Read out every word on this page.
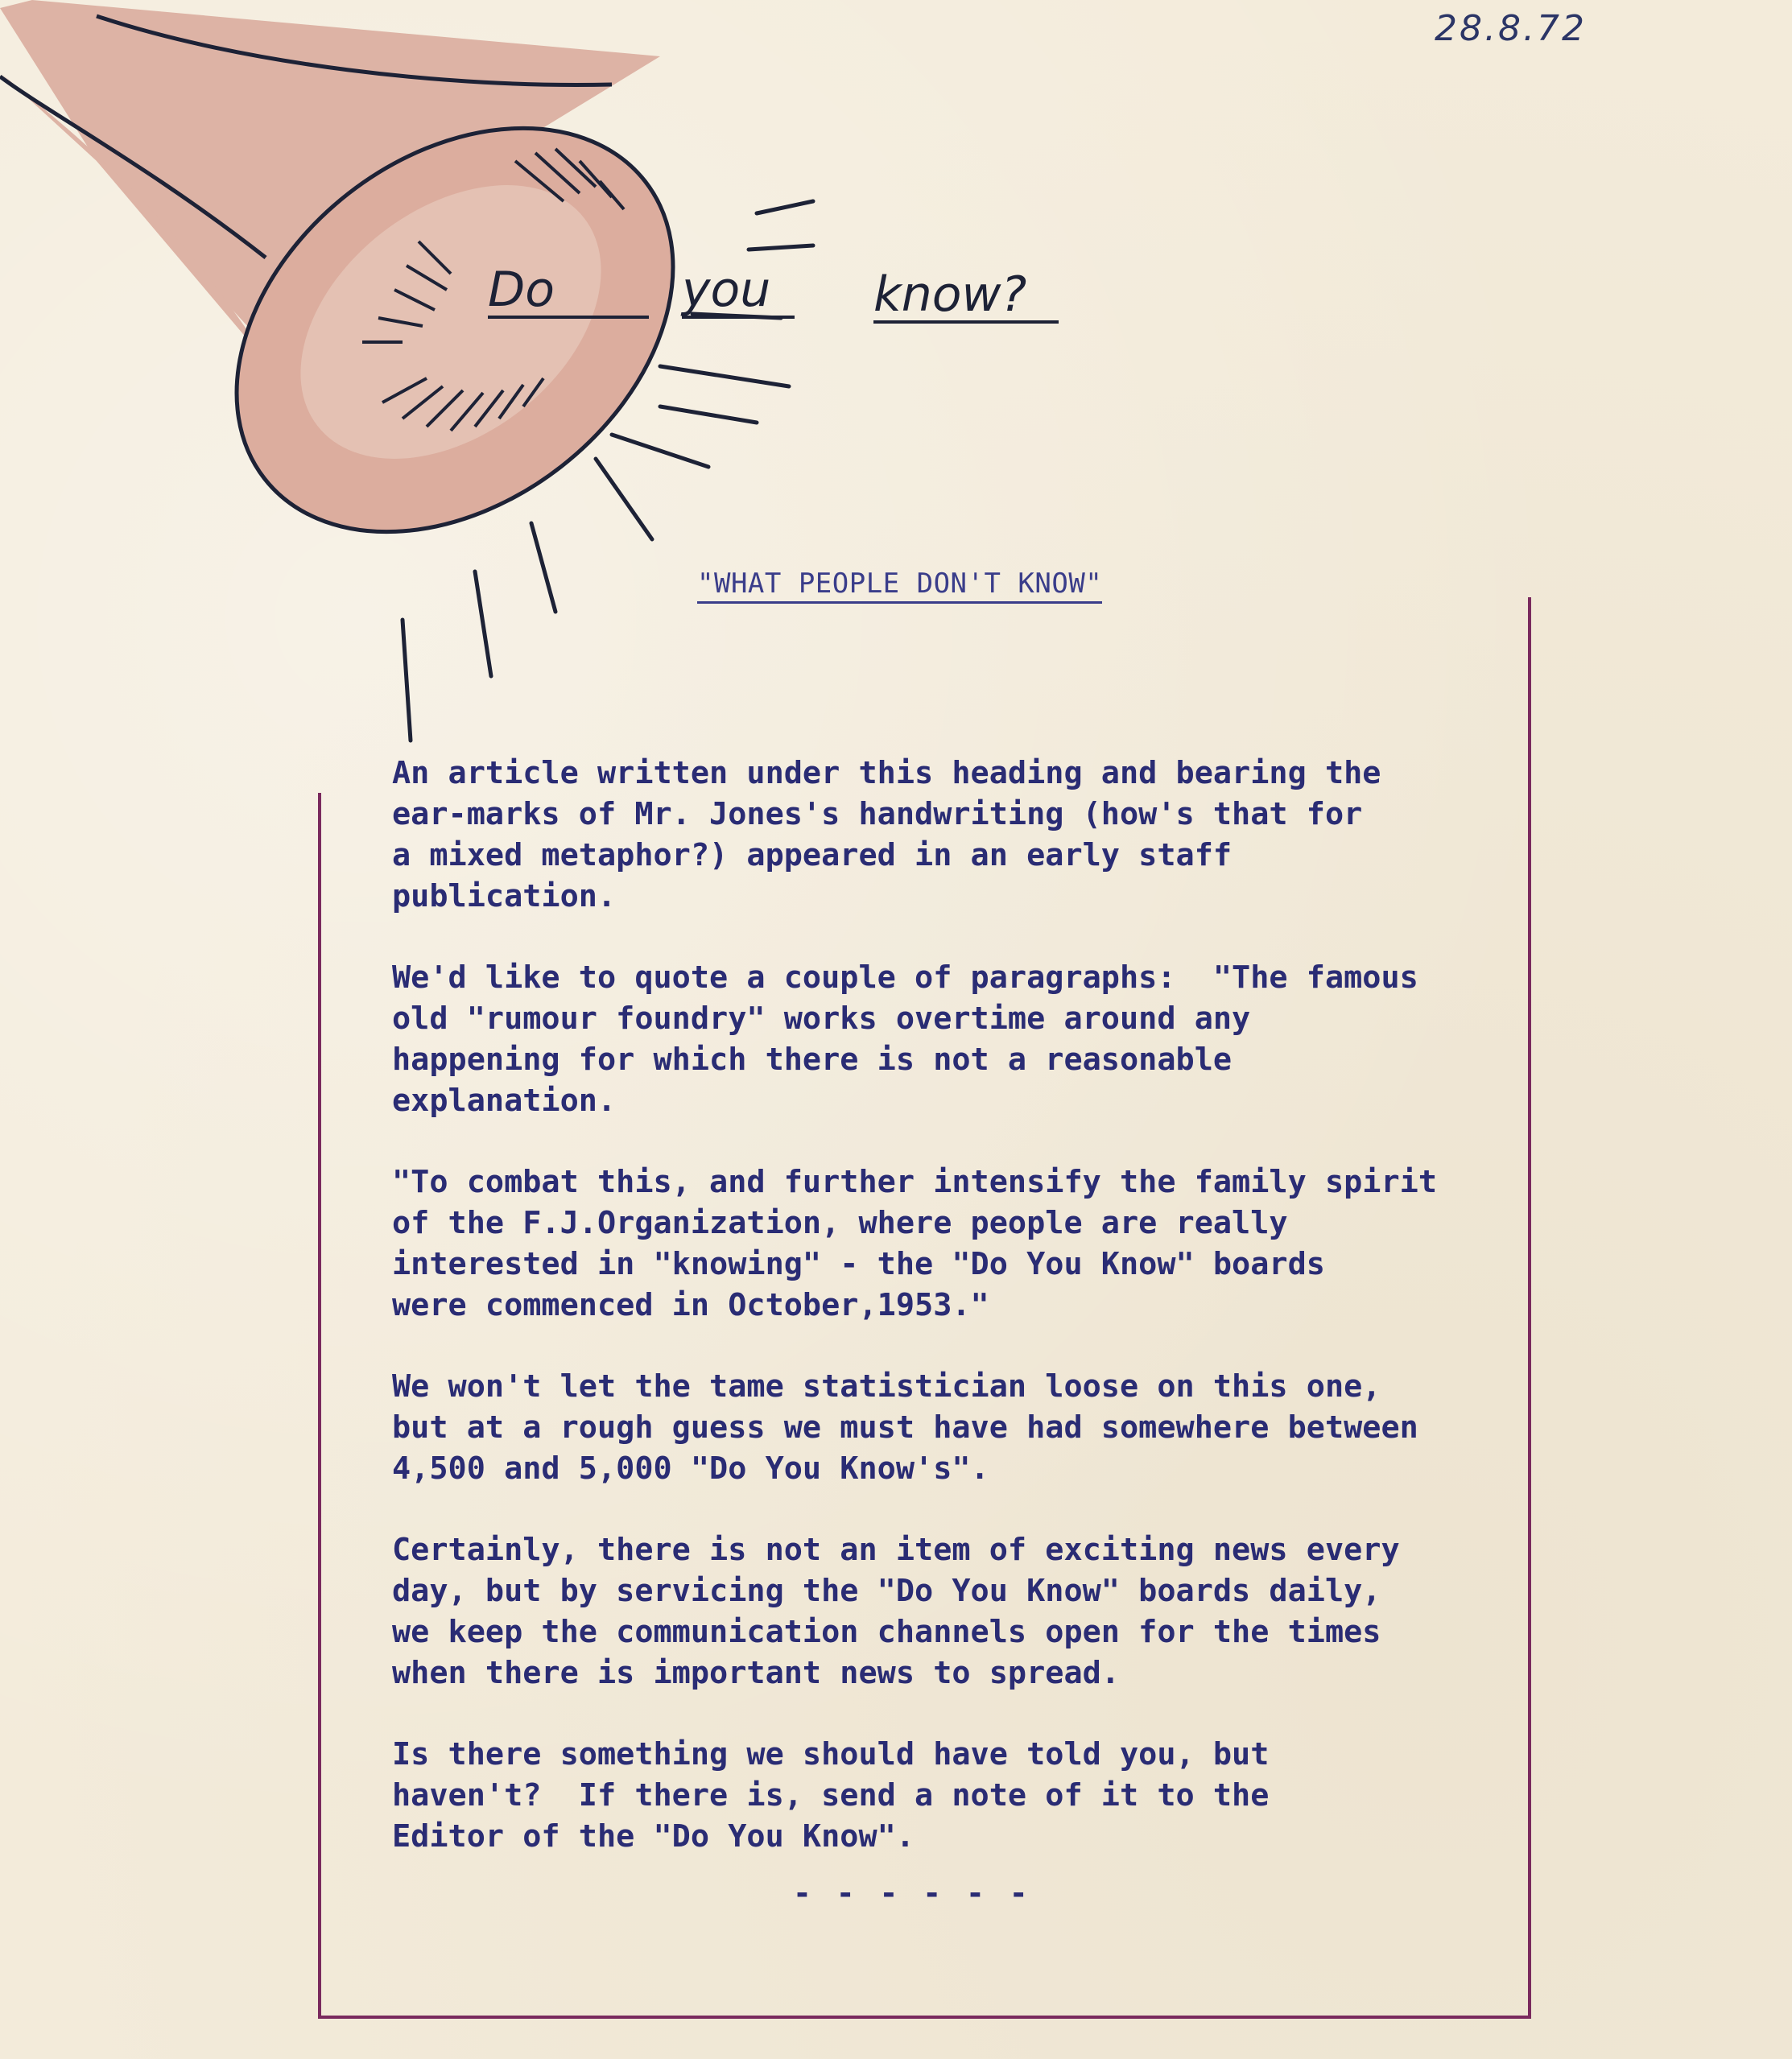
28.8.72
Do	you	know?
"WHAT PEOPLE DON'T KNOW"

An article written under this heading and bearing the
ear-marks of Mr. Jones's handwriting (how's that for
a mixed metaphor?) appeared in an early staff
publication.

We'd like to quote a couple of paragraphs:  "The famous
old "rumour foundry" works overtime around any
happening for which there is not a reasonable
explanation.

"To combat this, and further intensify the family spirit
of the F.J.Organization, where people are really
interested in "knowing" - the "Do You Know" boards
were commenced in October,1953."

We won't let the tame statistician loose on this one,
but at a rough guess we must have had somewhere between
4,500 and 5,000 "Do You Know's".

Certainly, there is not an item of exciting news every
day, but by servicing the "Do You Know" boards daily,
we keep the communication channels open for the times
when there is important news to spread.

Is there something we should have told you, but
haven't?  If there is, send a note of it to the
Editor of the "Do You Know".

- - - - - -
